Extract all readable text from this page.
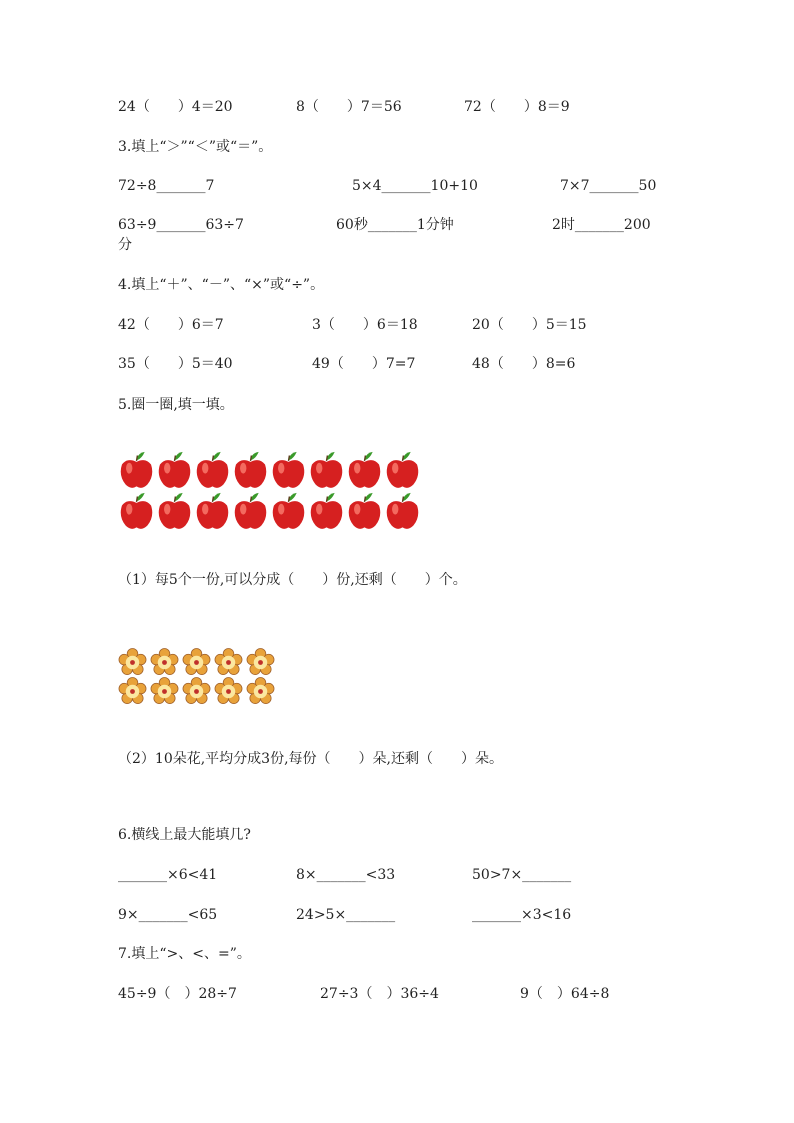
24（　　）4＝20	8（　　）7＝56	72（　　）8＝9
3.填上“＞”“＜”或“＝”。
72÷8_______7	5×4_______10+10	7×7_______50
63÷9_______63÷7	60秒_______1分钟	2时_______200
分
4.填上“＋”、“－”、“×”或“÷”。
42（　　）6＝7	3（　　）6＝18	20（　　）5＝15
35（　　）5＝40	49（　　）7=7	48（　　）8=6
5.圈一圈,填一填。
（1）每5个一份,可以分成（　　）份,还剩（　　）个。
（2）10朵花,平均分成3份,每份（　　）朵,还剩（　　）朵。
6.横线上最大能填几?
_______×6<41	8×_______<33	50>7×_______
9×_______<65	24>5×_______	_______×3<16
7.填上“>、<、=”。
45÷9（　）28÷7	27÷3（　）36÷4	9（　）64÷8
